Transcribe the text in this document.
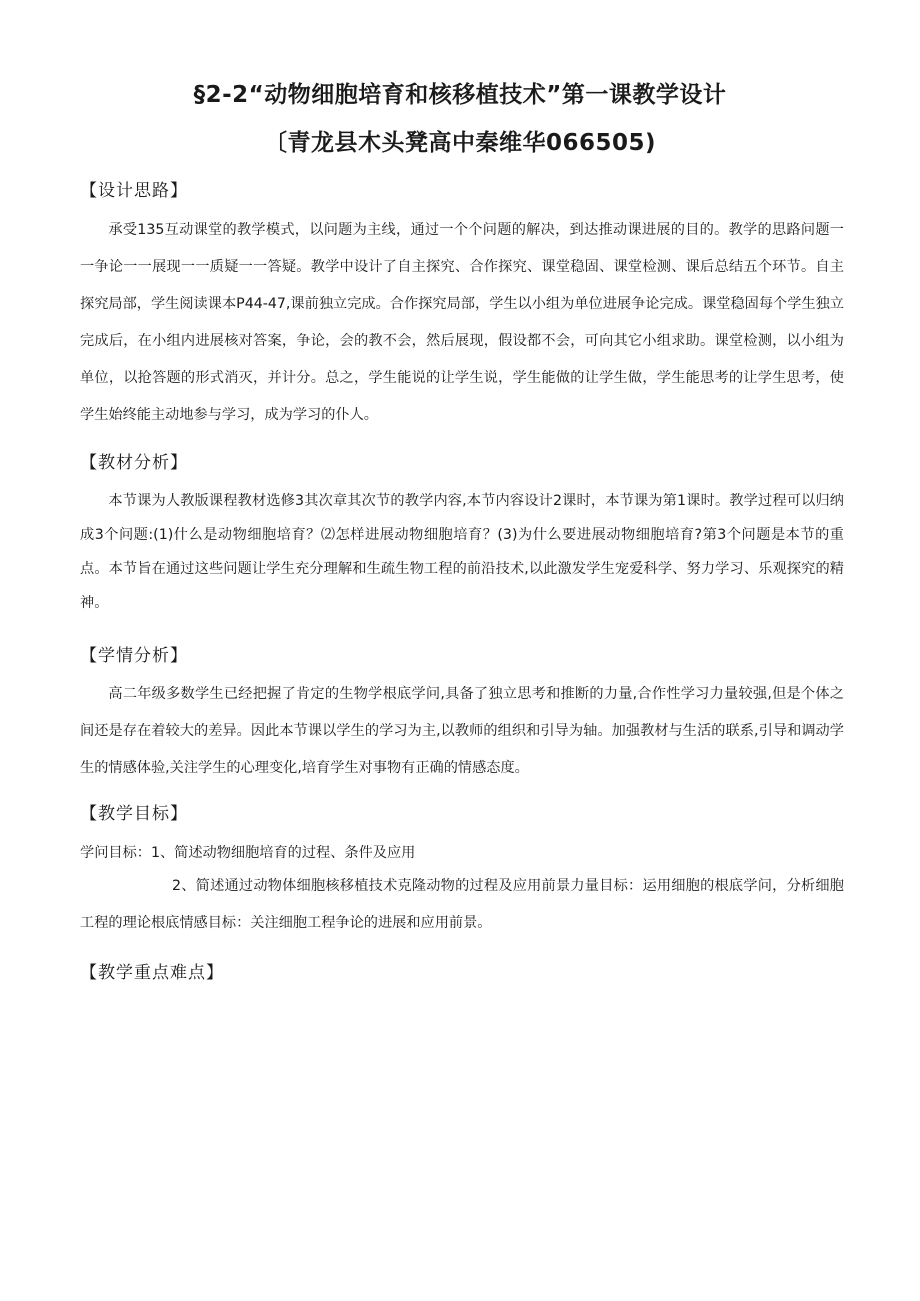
§2-2“动物细胞培育和核移植技术”第一课教学设计
〔青龙县木头凳高中秦维华066505)
【设计思路】

承受135互动课堂的教学模式，以问题为主线，通过一个个问题的解决，到达推动课进展的目的。教学的思路问题一一争论一一展现一一质疑一一答疑。教学中设计了自主探究、合作探究、课堂稳固、课堂检测、课后总结五个环节。自主探究局部，学生阅读课本P44-47,课前独立完成。合作探究局部，学生以小组为单位进展争论完成。课堂稳固每个学生独立完成后，在小组内进展核对答案，争论，会的教不会，然后展现，假设都不会，可向其它小组求助。课堂检测，以小组为单位，以抢答题的形式消灭，并计分。总之，学生能说的让学生说，学生能做的让学生做，学生能思考的让学生思考，使学生始终能主动地参与学习，成为学习的仆人。

【教材分析】

本节课为人教版课程教材选修3其次章其次节的教学内容,本节内容设计2课时，本节课为第1课时。教学过程可以归纳成3个问题:(1)什么是动物细胞培育？⑵怎样进展动物细胞培育？(3)为什么要进展动物细胞培育?第3个问题是本节的重点。本节旨在通过这些问题让学生充分理解和生疏生物工程的前沿技术,以此激发学生宠爱科学、努力学习、乐观探究的精神。

【学情分析】

高二年级多数学生已经把握了肯定的生物学根底学问,具备了独立思考和推断的力量,合作性学习力量较强,但是个体之间还是存在着较大的差异。因此本节课以学生的学习为主,以教师的组织和引导为轴。加强教材与生活的联系,引导和调动学生的情感体验,关注学生的心理变化,培育学生对事物有正确的情感态度。

【教学目标】
学问目标：1、简述动物细胞培育的过程、条件及应用

2、简述通过动物体细胞核移植技术克隆动物的过程及应用前景力量目标：运用细胞的根底学问，分析细胞工程的理论根底情感目标：关注细胞工程争论的进展和应用前景。

【教学重点难点】
